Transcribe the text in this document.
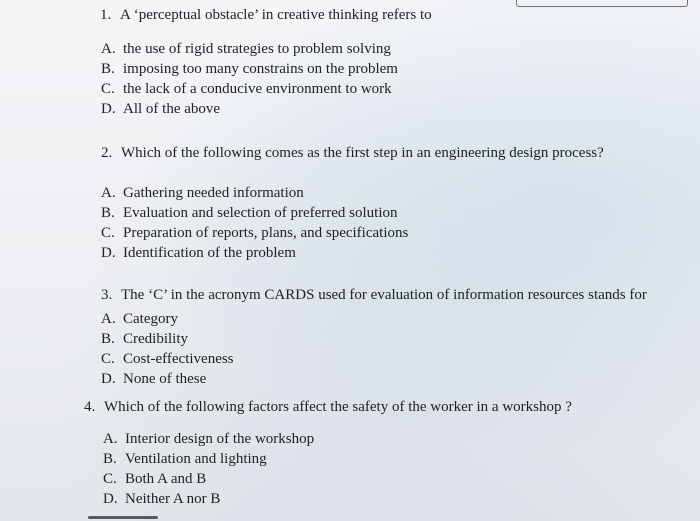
1. A ‘perceptual obstacle’ in creative thinking refers to
A. the use of rigid strategies to problem solving
B. imposing too many constrains on the problem
C. the lack of a conducive environment to work
D. All of the above
2. Which of the following comes as the first step in an engineering design process?
A. Gathering needed information
B. Evaluation and selection of preferred solution
C. Preparation of reports, plans, and specifications
D. Identification of the problem
3. The ‘C’ in the acronym CARDS used for evaluation of information resources stands for
A. Category
B. Credibility
C. Cost-effectiveness
D. None of these
4. Which of the following factors affect the safety of the worker in a workshop ?
A. Interior design of the workshop
B. Ventilation and lighting
C. Both A and B
D. Neither A nor B
